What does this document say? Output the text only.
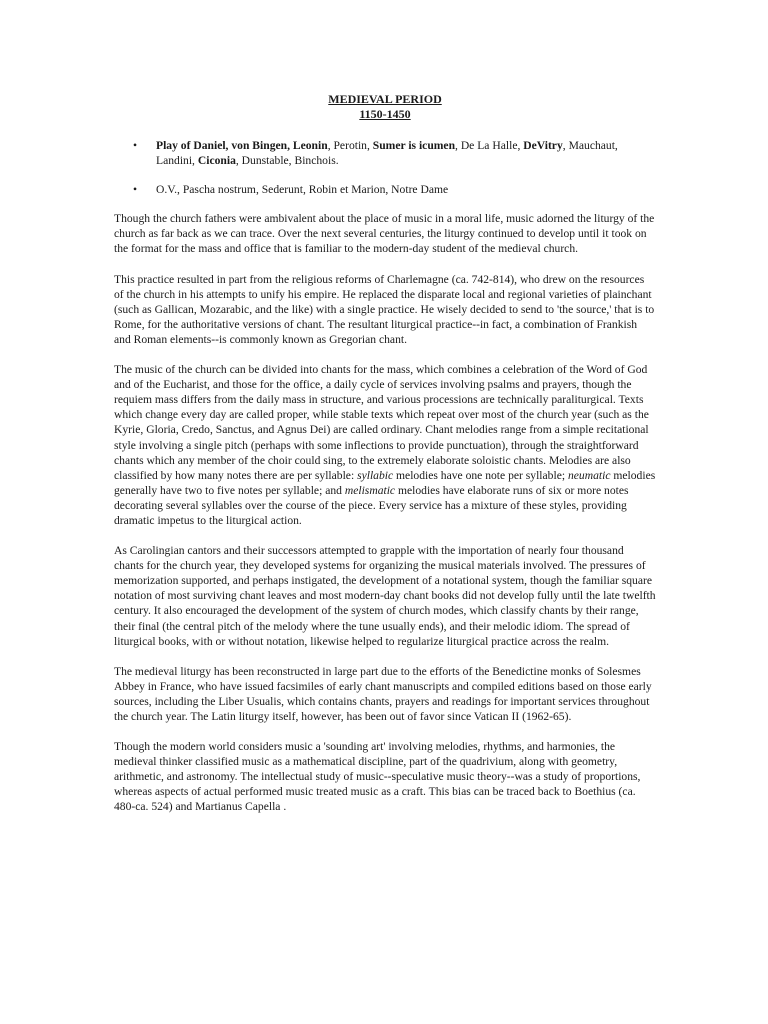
MEDIEVAL PERIOD
1150-1450
• Play of Daniel, von Bingen, Leonin, Perotin, Sumer is icumen, De La Halle, DeVitry, Mauchaut, Landini, Ciconia, Dunstable, Binchois.
• O.V., Pascha nostrum, Sederunt, Robin et Marion, Notre Dame

Though the church fathers were ambivalent about the place of music in a moral life, music adorned the liturgy of the church as far back as we can trace. Over the next several centuries, the liturgy continued to develop until it took on the format for the mass and office that is familiar to the modern-day student of the medieval church.

This practice resulted in part from the religious reforms of Charlemagne (ca. 742-814), who drew on the resources of the church in his attempts to unify his empire. He replaced the disparate local and regional varieties of plainchant (such as Gallican, Mozarabic, and the like) with a single practice. He wisely decided to send to 'the source,' that is to Rome, for the authoritative versions of chant. The resultant liturgical practice--in fact, a combination of Frankish and Roman elements--is commonly known as Gregorian chant.

The music of the church can be divided into chants for the mass, which combines a celebration of the Word of God and of the Eucharist, and those for the office, a daily cycle of services involving psalms and prayers, though the requiem mass differs from the daily mass in structure, and various processions are technically paraliturgical. Texts which change every day are called proper, while stable texts which repeat over most of the church year (such as the Kyrie, Gloria, Credo, Sanctus, and Agnus Dei) are called ordinary. Chant melodies range from a simple recitational style involving a single pitch (perhaps with some inflections to provide punctuation), through the straightforward chants which any member of the choir could sing, to the extremely elaborate soloistic chants. Melodies are also classified by how many notes there are per syllable: syllabic melodies have one note per syllable; neumatic melodies generally have two to five notes per syllable; and melismatic melodies have elaborate runs of six or more notes decorating several syllables over the course of the piece. Every service has a mixture of these styles, providing dramatic impetus to the liturgical action.

As Carolingian cantors and their successors attempted to grapple with the importation of nearly four thousand chants for the church year, they developed systems for organizing the musical materials involved. The pressures of memorization supported, and perhaps instigated, the development of a notational system, though the familiar square notation of most surviving chant leaves and most modern-day chant books did not develop fully until the late twelfth century. It also encouraged the development of the system of church modes, which classify chants by their range, their final (the central pitch of the melody where the tune usually ends), and their melodic idiom. The spread of liturgical books, with or without notation, likewise helped to regularize liturgical practice across the realm.

The medieval liturgy has been reconstructed in large part due to the efforts of the Benedictine monks of Solesmes Abbey in France, who have issued facsimiles of early chant manuscripts and compiled editions based on those early sources, including the Liber Usualis, which contains chants, prayers and readings for important services throughout the church year. The Latin liturgy itself, however, has been out of favor since Vatican II (1962-65).

Though the modern world considers music a 'sounding art' involving melodies, rhythms, and harmonies, the medieval thinker classified music as a mathematical discipline, part of the quadrivium, along with geometry, arithmetic, and astronomy. The intellectual study of music--speculative music theory--was a study of proportions, whereas aspects of actual performed music treated music as a craft. This bias can be traced back to Boethius (ca. 480-ca. 524) and Martianus Capella .
